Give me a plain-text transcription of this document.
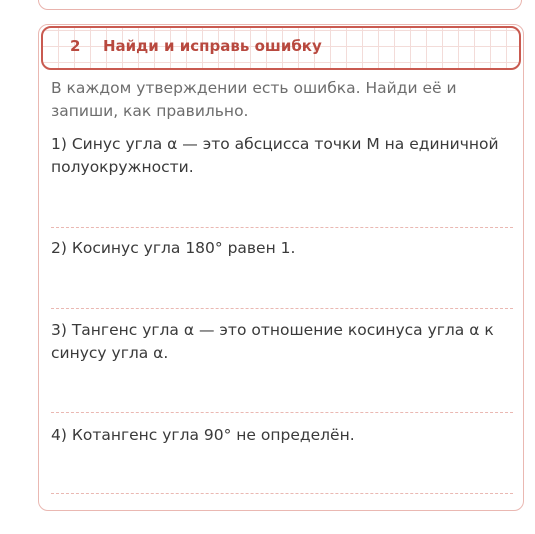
2 Найди и исправь ошибку
В каждом утверждении есть ошибка. Найди её и запиши, как правильно.
1) Синус угла α — это абсцисса точки M на единичной полуокружности.
2) Косинус угла 180° равен 1.
3) Тангенс угла α — это отношение косинуса угла α к синусу угла α.
4) Котангенс угла 90° не определён.
